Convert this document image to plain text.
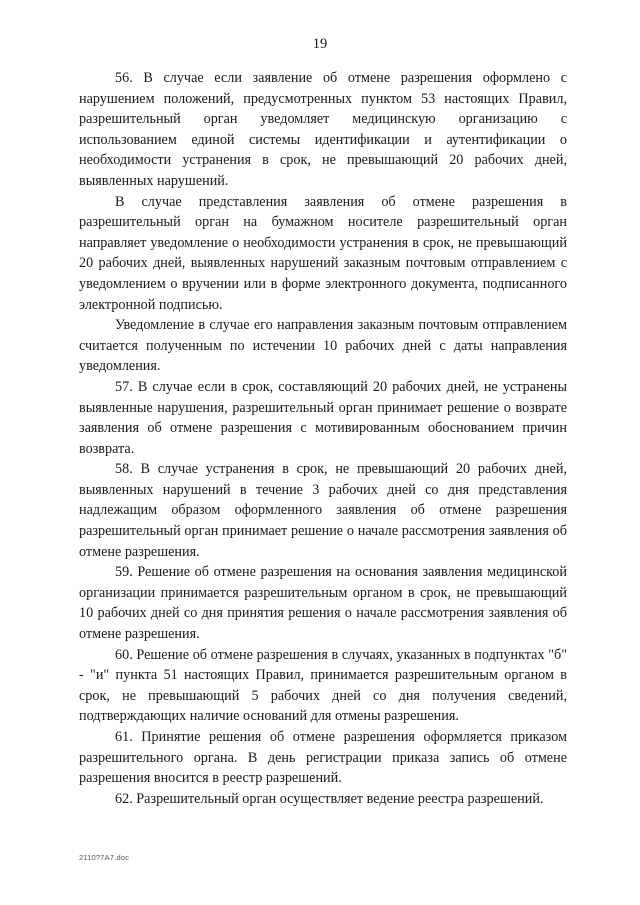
19

56. В случае если заявление об отмене разрешения оформлено с нарушением положений, предусмотренных пунктом 53 настоящих Правил, разрешительный орган уведомляет медицинскую организацию с использованием единой системы идентификации и аутентификации о необходимости устранения в срок, не превышающий 20 рабочих дней, выявленных нарушений.

В случае представления заявления об отмене разрешения в разрешительный орган на бумажном носителе разрешительный орган направляет уведомление о необходимости устранения в срок, не превышающий 20 рабочих дней, выявленных нарушений заказным почтовым отправлением с уведомлением о вручении или в форме электронного документа, подписанного электронной подписью.

Уведомление в случае его направления заказным почтовым отправлением считается полученным по истечении 10 рабочих дней с даты направления уведомления.

57. В случае если в срок, составляющий 20 рабочих дней, не устранены выявленные нарушения, разрешительный орган принимает решение о возврате заявления об отмене разрешения с мотивированным обоснованием причин возврата.

58. В случае устранения в срок, не превышающий 20 рабочих дней, выявленных нарушений в течение 3 рабочих дней со дня представления надлежащим образом оформленного заявления об отмене разрешения разрешительный орган принимает решение о начале рассмотрения заявления об отмене разрешения.

59. Решение об отмене разрешения на основания заявления медицинской организации принимается разрешительным органом в срок, не превышающий 10 рабочих дней со дня принятия решения о начале рассмотрения заявления об отмене разрешения.

60. Решение об отмене разрешения в случаях, указанных в подпунктах "б" - "и" пункта 51 настоящих Правил, принимается разрешительным органом в срок, не превышающий 5 рабочих дней со дня получения сведений, подтверждающих наличие оснований для отмены разрешения.

61. Принятие решения об отмене разрешения оформляется приказом разрешительного органа. В день регистрации приказа запись об отмене разрешения вносится в реестр разрешений.

62. Разрешительный орган осуществляет ведение реестра разрешений.

2110?7A7.doc
